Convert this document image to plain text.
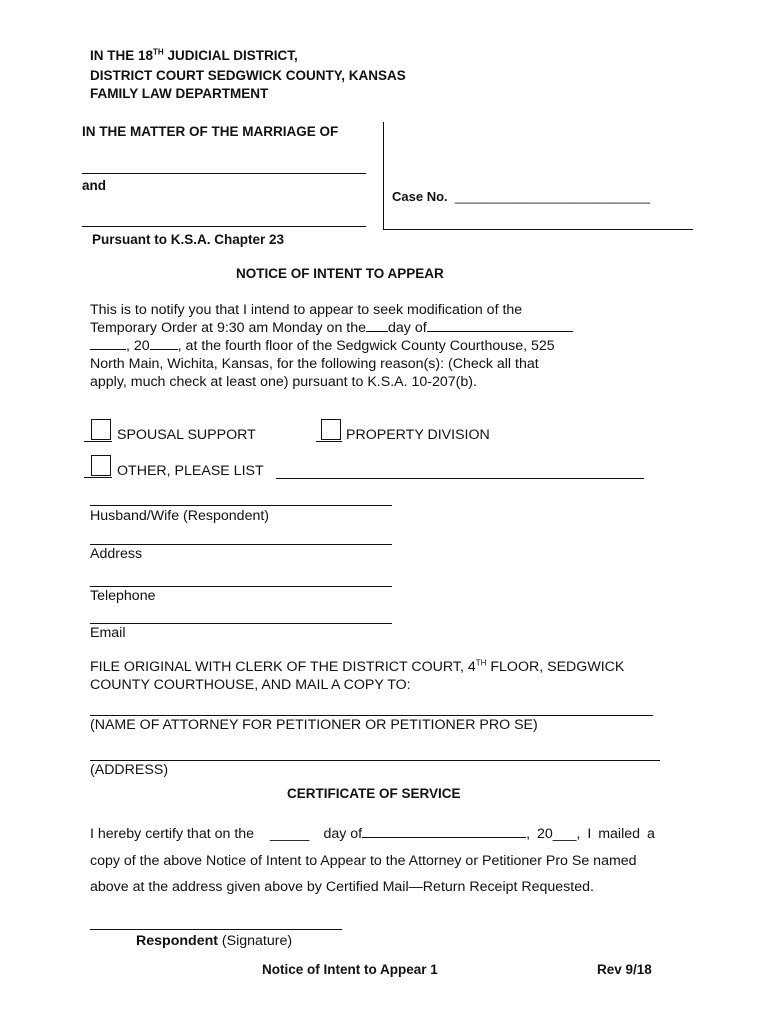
IN THE 18TH JUDICIAL DISTRICT,
DISTRICT COURT SEDGWICK COUNTY, KANSAS
FAMILY LAW DEPARTMENT
IN THE MATTER OF THE MARRIAGE OF
and
Case No. ___________________________
Pursuant to K.S.A. Chapter 23
NOTICE OF INTENT TO APPEAR
This is to notify you that I intend to appear to seek modification of the
Temporary Order at 9:30 am Monday on the day of
, 20 , at the fourth floor of the Sedgwick County Courthouse, 525
North Main, Wichita, Kansas, for the following reason(s): (Check all that
apply, much check at least one) pursuant to K.S.A. 10-207(b).
SPOUSAL SUPPORT	PROPERTY DIVISION
OTHER, PLEASE LIST
Husband/Wife (Respondent)
Address
Telephone
Email
FILE ORIGINAL WITH CLERK OF THE DISTRICT COURT, 4TH FLOOR, SEDGWICK
COUNTY COURTHOUSE, AND MAIL A COPY TO:
(NAME OF ATTORNEY FOR PETITIONER OR PETITIONER PRO SE)
(ADDRESS)
CERTIFICATE OF SERVICE
I hereby certify that on the _____ day of	, 20___, I mailed a
copy of the above Notice of Intent to Appear to the Attorney or Petitioner Pro Se named
above at the address given above by Certified Mail—Return Receipt Requested.
Respondent (Signature)
Notice of Intent to Appear 1	Rev 9/18
